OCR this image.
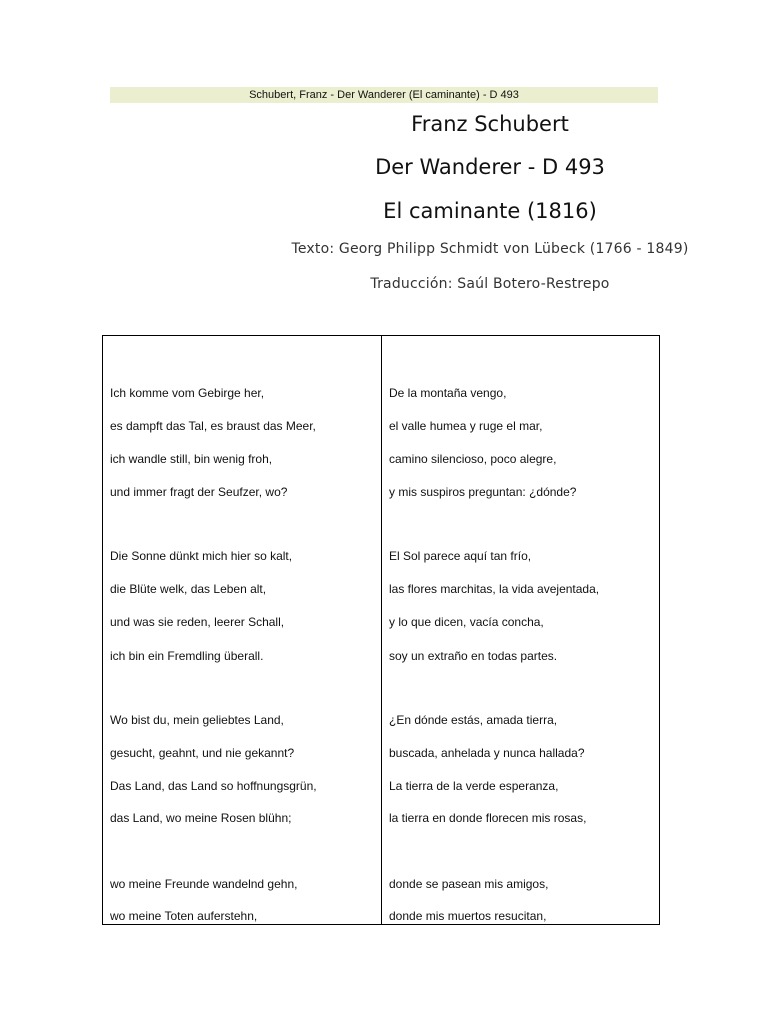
Schubert, Franz - Der Wanderer (El caminante) - D 493
Franz Schubert
Der Wanderer - D 493
El caminante (1816)
Texto: Georg Philipp Schmidt von Lübeck (1766 - 1849)
Traducción: Saúl Botero-Restrepo
Ich komme vom Gebirge her,
es dampft das Tal, es braust das Meer,
ich wandle still, bin wenig froh,
und immer fragt der Seufzer, wo?
Die Sonne dünkt mich hier so kalt,
die Blüte welk, das Leben alt,
und was sie reden, leerer Schall,
ich bin ein Fremdling überall.
Wo bist du, mein geliebtes Land,
gesucht, geahnt, und nie gekannt?
Das Land, das Land so hoffnungsgrün,
das Land, wo meine Rosen blühn;
wo meine Freunde wandelnd gehn,
wo meine Toten auferstehn,
De la montaña vengo,
el valle humea y ruge el mar,
camino silencioso, poco alegre,
y mis suspiros preguntan: ¿dónde?
El Sol parece aquí tan frío,
las flores marchitas, la vida avejentada,
y lo que dicen, vacía concha,
soy un extraño en todas partes.
¿En dónde estás, amada tierra,
buscada, anhelada y nunca hallada?
La tierra de la verde esperanza,
la tierra en donde florecen mis rosas,
donde se pasean mis amigos,
donde mis muertos resucitan,
